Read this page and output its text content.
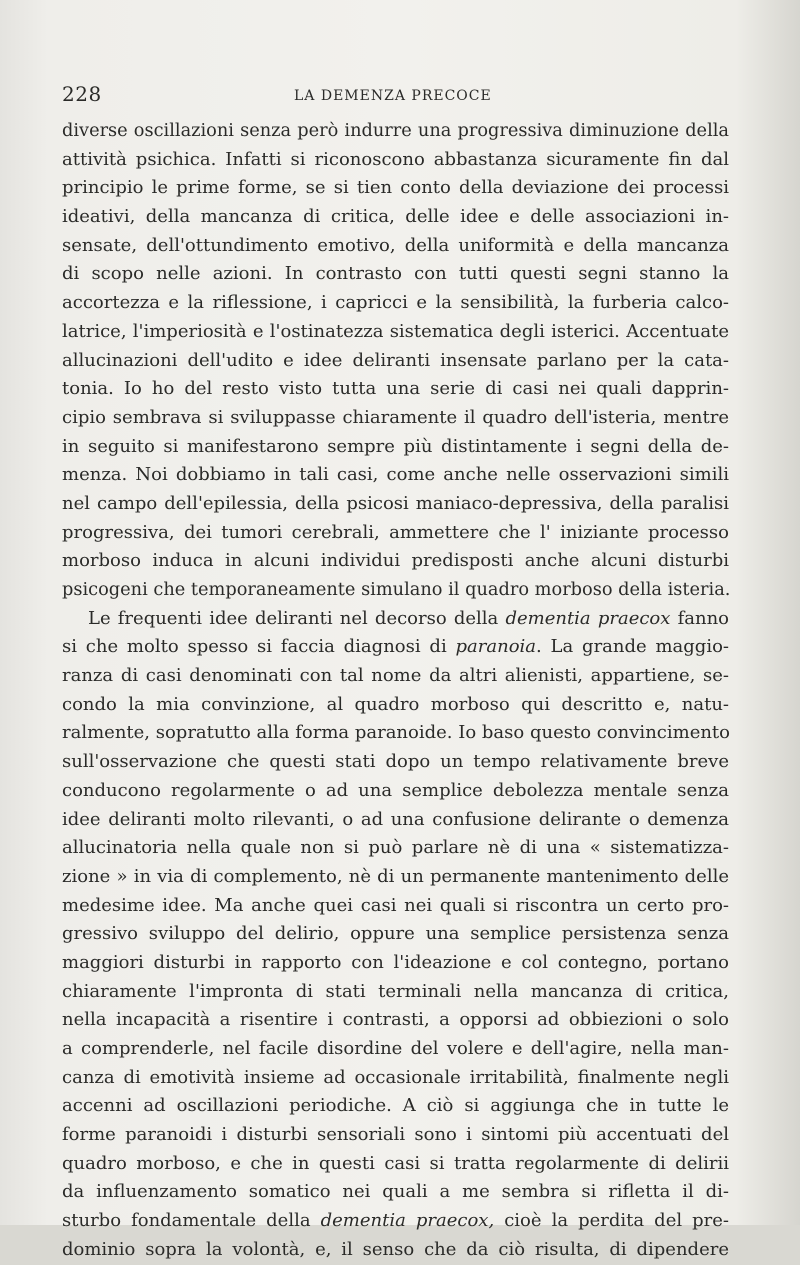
228	LA DEMENZA PRECOCE
diverse oscillazioni senza però indurre una progressiva diminuzione della
attività psichica. Infatti si riconoscono abbastanza sicuramente fin dal
principio le prime forme, se si tien conto della deviazione dei processi
ideativi, della mancanza di critica, delle idee e delle associazioni in-
sensate, dell'ottundimento emotivo, della uniformità e della mancanza
di scopo nelle azioni. In contrasto con tutti questi segni stanno la
accortezza e la riflessione, i capricci e la sensibilità, la furberia calco-
latrice, l'imperiosità e l'ostinatezza sistematica degli isterici. Accentuate
allucinazioni dell'udito e idee deliranti insensate parlano per la cata-
tonia. Io ho del resto visto tutta una serie di casi nei quali dapprin-
cipio sembrava si sviluppasse chiaramente il quadro dell'isteria, mentre
in seguito si manifestarono sempre più distintamente i segni della de-
menza. Noi dobbiamo in tali casi, come anche nelle osservazioni simili
nel campo dell'epilessia, della psicosi maniaco-depressiva, della paralisi
progressiva, dei tumori cerebrali, ammettere che l' iniziante processo
morboso induca in alcuni individui predisposti anche alcuni disturbi
psicogeni che temporaneamente simulano il quadro morboso della isteria.
Le frequenti idee deliranti nel decorso della dementia praecox fanno
si che molto spesso si faccia diagnosi di paranoia. La grande maggio-
ranza di casi denominati con tal nome da altri alienisti, appartiene, se-
condo la mia convinzione, al quadro morboso qui descritto e, natu-
ralmente, sopratutto alla forma paranoide. Io baso questo convincimento
sull'osservazione che questi stati dopo un tempo relativamente breve
conducono regolarmente o ad una semplice debolezza mentale senza
idee deliranti molto rilevanti, o ad una confusione delirante o demenza
allucinatoria nella quale non si può parlare nè di una « sistematizza-
zione » in via di complemento, nè di un permanente mantenimento delle
medesime idee. Ma anche quei casi nei quali si riscontra un certo pro-
gressivo sviluppo del delirio, oppure una semplice persistenza senza
maggiori disturbi in rapporto con l'ideazione e col contegno, portano
chiaramente l'impronta di stati terminali nella mancanza di critica,
nella incapacità a risentire i contrasti, a opporsi ad obbiezioni o solo
a comprenderle, nel facile disordine del volere e dell'agire, nella man-
canza di emotività insieme ad occasionale irritabilità, finalmente negli
accenni ad oscillazioni periodiche. A ciò si aggiunga che in tutte le
forme paranoidi i disturbi sensoriali sono i sintomi più accentuati del
quadro morboso, e che in questi casi si tratta regolarmente di delirii
da influenzamento somatico nei quali a me sembra si rifletta il di-
sturbo fondamentale della dementia praecox, cioè la perdita del pre-
dominio sopra la volontà, e, il senso che da ciò risulta, di dipendere
